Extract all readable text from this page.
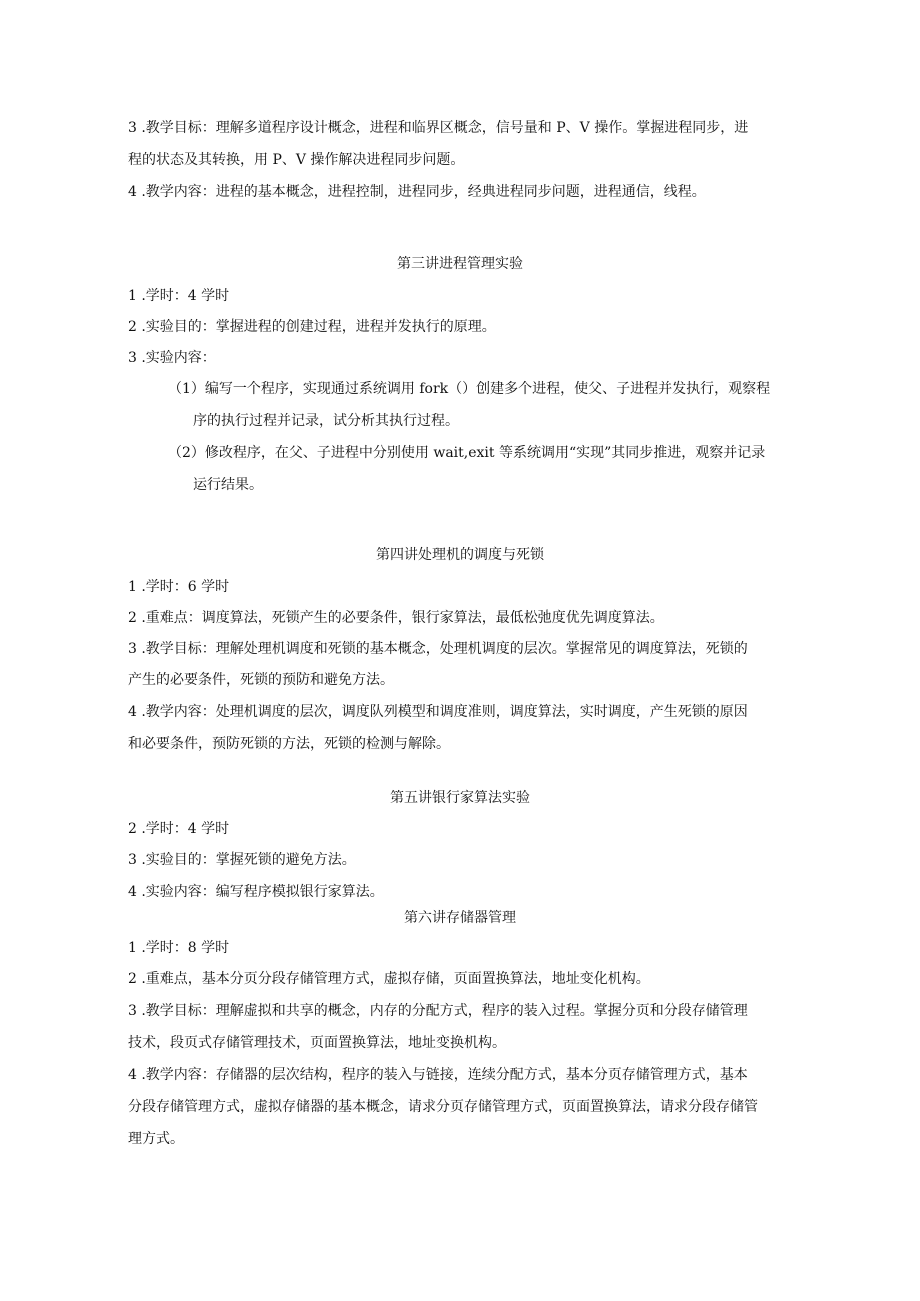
3 .教学目标：理解多道程序设计概念，进程和临界区概念，信号量和 P、V 操作。掌握进程同步，进
程的状态及其转换，用 P、V 操作解决进程同步问题。
4 .教学内容：进程的基本概念，进程控制，进程同步，经典进程同步问题，进程通信，线程。
第三讲进程管理实验
1 .学时：4 学时
2 .实验目的：掌握进程的创建过程，进程并发执行的原理。
3 .实验内容：
（1）编写一个程序，实现通过系统调用 fork（）创建多个进程，使父、子进程并发执行，观察程
序的执行过程并记录，试分析其执行过程。
（2）修改程序，在父、子进程中分别使用 wait,exit 等系统调用“实现”其同步推进，观察并记录
运行结果。
第四讲处理机的调度与死锁
1 .学时：6 学时
2 .重难点：调度算法，死锁产生的必要条件，银行家算法，最低松弛度优先调度算法。
3 .教学目标：理解处理机调度和死锁的基本概念，处理机调度的层次。掌握常见的调度算法，死锁的
产生的必要条件，死锁的预防和避免方法。
4 .教学内容：处理机调度的层次，调度队列模型和调度准则，调度算法，实时调度，产生死锁的原因
和必要条件，预防死锁的方法，死锁的检测与解除。
第五讲银行家算法实验
2 .学时：4 学时
3 .实验目的：掌握死锁的避免方法。
4 .实验内容：编写程序模拟银行家算法。
第六讲存储器管理
1 .学时：8 学时
2 .重难点，基本分页分段存储管理方式，虚拟存储，页面置换算法，地址变化机构。
3 .教学目标：理解虚拟和共享的概念，内存的分配方式，程序的装入过程。掌握分页和分段存储管理
技术，段页式存储管理技术，页面置换算法，地址变换机构。
4 .教学内容：存储器的层次结构，程序的装入与链接，连续分配方式，基本分页存储管理方式，基本
分段存储管理方式，虚拟存储器的基本概念，请求分页存储管理方式，页面置换算法，请求分段存储管
理方式。
